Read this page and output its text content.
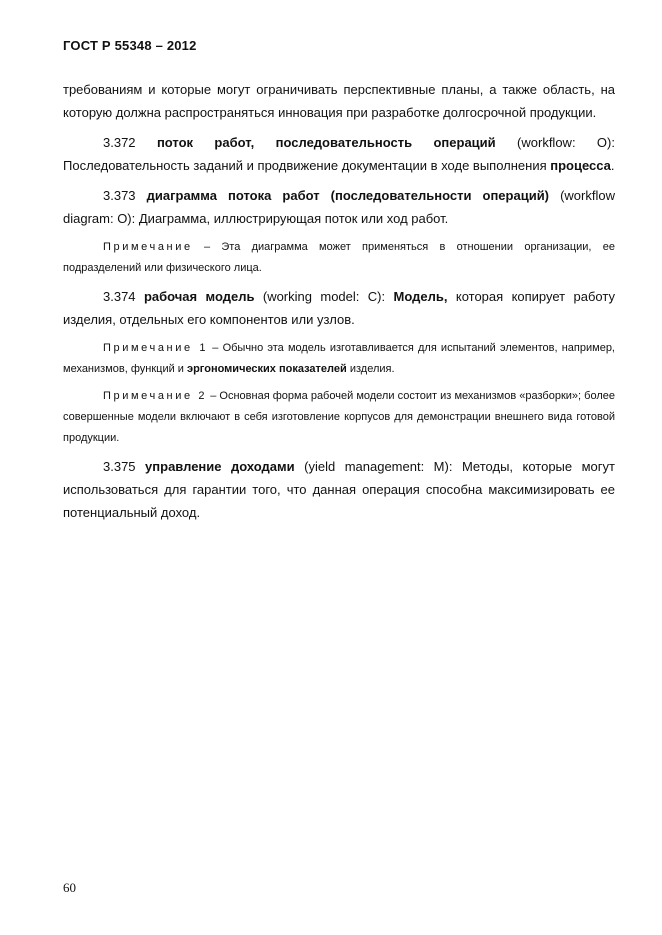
ГОСТ Р 55348 – 2012

требованиям и которые могут ограничивать перспективные планы, а также область, на которую должна распространяться инновация при разработке долгосрочной продукции.

3.372 поток работ, последовательность операций (workflow: O): Последовательность заданий и продвижение документации в ходе выполнения процесса.

3.373 диаграмма потока работ (последовательности операций) (workflow diagram: O): Диаграмма, иллюстрирующая поток или ход работ.

Примечание – Эта диаграмма может применяться в отношении организации, ее подразделений или физического лица.

3.374 рабочая модель (working model: C): Модель, которая копирует работу изделия, отдельных его компонентов или узлов.

Примечание 1 – Обычно эта модель изготавливается для испытаний элементов, например, механизмов, функций и эргономических показателей изделия.

Примечание 2 – Основная форма рабочей модели состоит из механизмов «разборки»; более совершенные модели включают в себя изготовление корпусов для демонстрации внешнего вида готовой продукции.

3.375 управление доходами (yield management: M): Методы, которые могут использоваться для гарантии того, что данная операция способна максимизировать ее потенциальный доход.

60
